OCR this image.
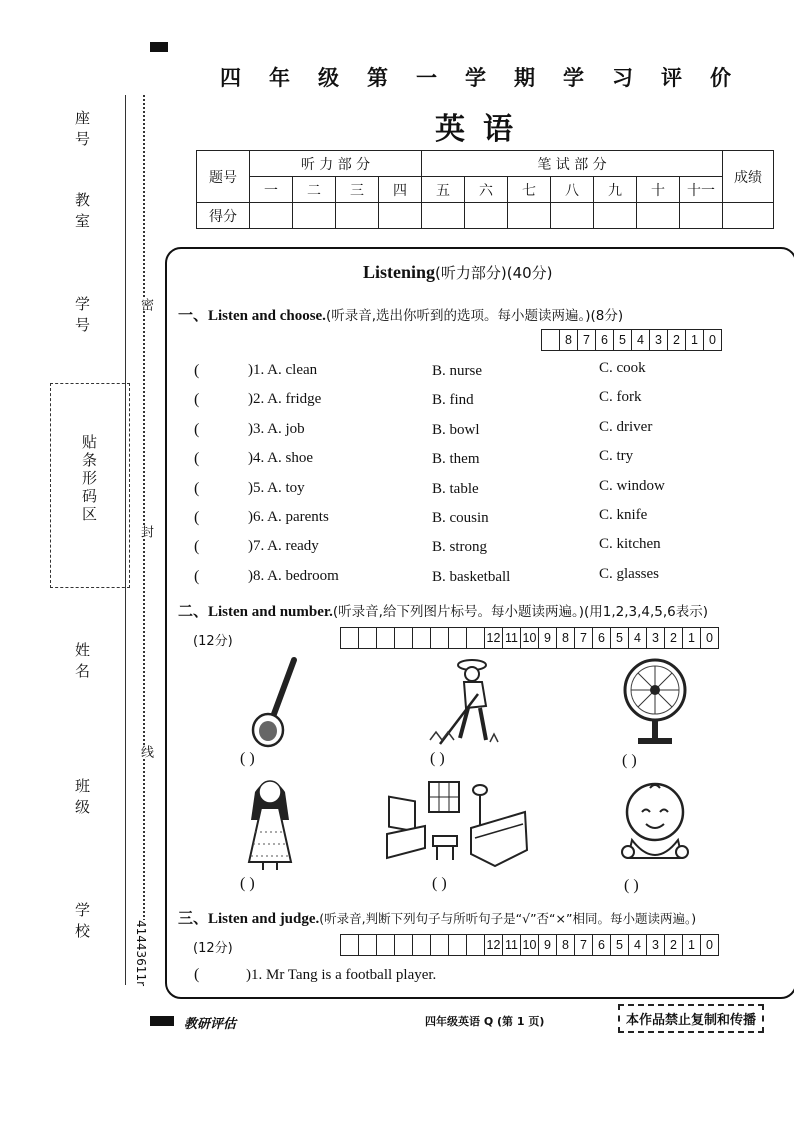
座号
教室
学号
贴条形码区
姓名
班级
学校
密
封
线
41443611r
四年级第一学期学习评价
英语
题号	听 力 部 分				笔 试 部 分							成绩
	一	二	三	四	五	六	七	八	九	十	十一	
得分												
Listening(听力部分)(40分)
一、Listen and choose.(听录音,选出你听到的选项。每小题读两遍。)(8分)
8 7 6 5 4 3 2 1 0
(	)1. A. clean	B. nurse	C. cook
(	)2. A. fridge	B. find	C. fork
(	)3. A. job	B. bowl	C. driver
(	)4. A. shoe	B. them	C. try
(	)5. A. toy	B. table	C. window
(	)6. A. parents	B. cousin	C. knife
(	)7. A. ready	B. strong	C. kitchen
(	)8. A. bedroom	B. basketball	C. glasses
二、Listen and number.(听录音,给下列图片标号。每小题读两遍。)(用1,2,3,4,5,6表示)
(12分)	12 11 10 9 8 7 6 5 4 3 2 1 0
( )	( )	( )
( )	( )	( )
三、Listen and judge.(听录音,判断下列句子与所听句子是“√”否“×”相同。每小题读两遍。)
(12分)	12 11 10 9 8 7 6 5 4 3 2 1 0
(	)1. Mr Tang is a football player.
教研评估	四年级英语 Q (第 1 页)	本作品禁止复制和传播
